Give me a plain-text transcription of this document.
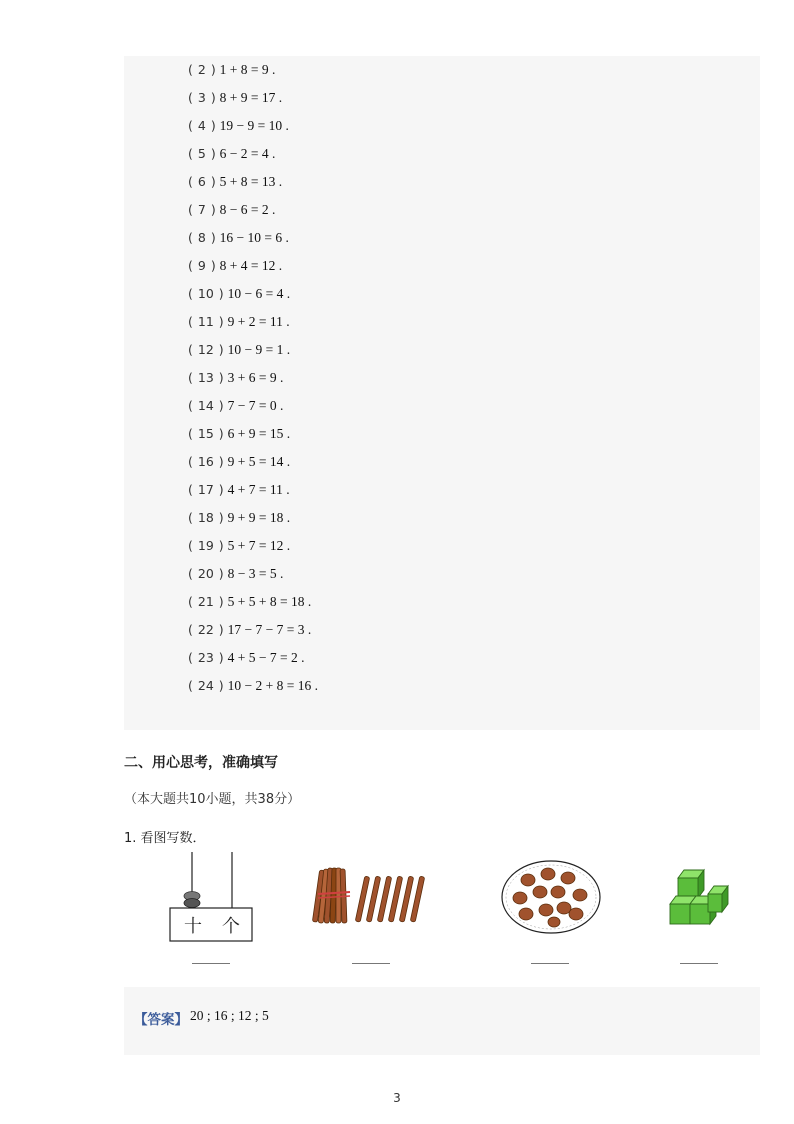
(  2  ) 1 + 8 = 9 .
(  3  ) 8 + 9 = 17 .
(  4  ) 19 − 9 = 10 .
(  5  ) 6 − 2 = 4 .
(  6  ) 5 + 8 = 13 .
(  7  ) 8 − 6 = 2 .
(  8  ) 16 − 10 = 6 .
(  9  ) 8 + 4 = 12 .
(  10  ) 10 − 6 = 4 .
(  11  ) 9 + 2 = 11 .
(  12  ) 10 − 9 = 1 .
(  13  ) 3 + 6 = 9 .
(  14  ) 7 − 7 = 0 .
(  15  ) 6 + 9 = 15 .
(  16  ) 9 + 5 = 14 .
(  17  ) 4 + 7 = 11 .
(  18  ) 9 + 9 = 18 .
(  19  ) 5 + 7 = 12 .
(  20  ) 8 − 3 = 5 .
(  21  ) 5 + 5 + 8 = 18 .
(  22  ) 17 − 7 − 7 = 3 .
(  23  ) 4 + 5 − 7 = 2 .
(  24  ) 10 − 2 + 8 = 16 .
二、用心思考，准确填写
（本大题共10小题，共38分）
1. 看图写数．
十 个
【答案】 20 ; 16 ; 12 ; 5
3
